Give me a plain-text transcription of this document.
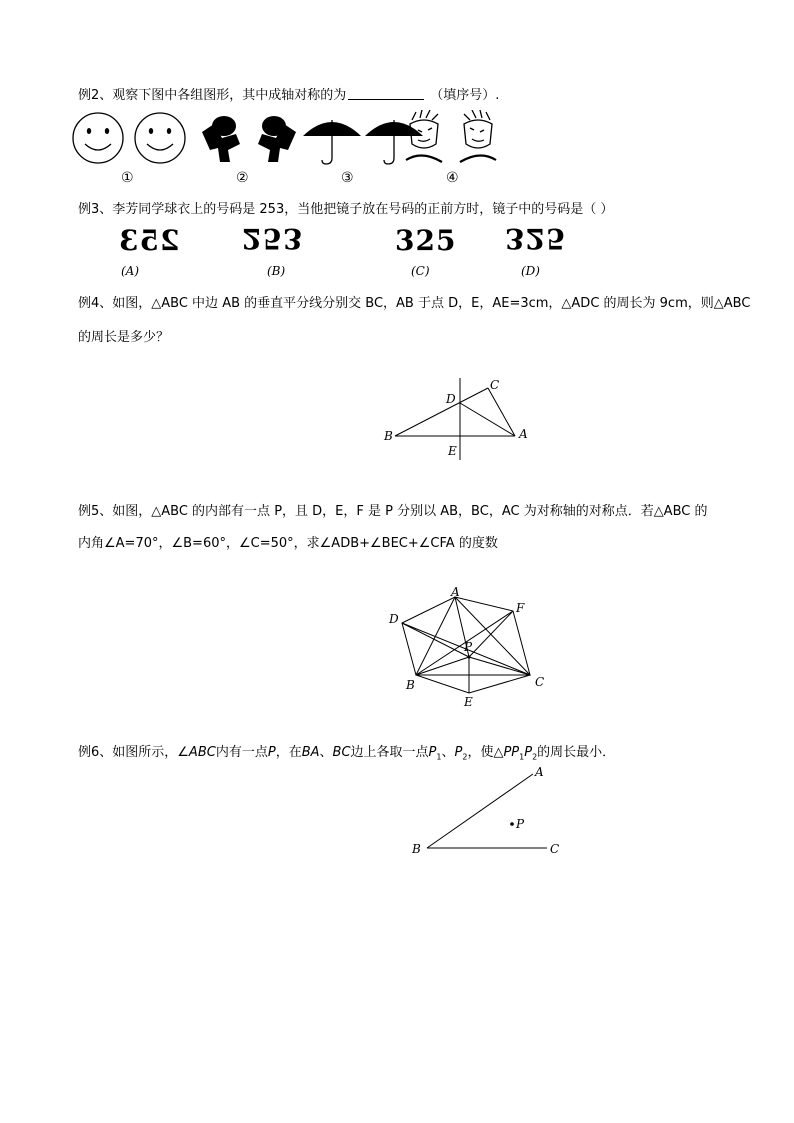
例2、观察下图中各组图形，其中成轴对称的为	（填序号）.
①	②	③	④
例3、李芳同学球衣上的号码是 253，当他把镜子放在号码的正前方时，镜子中的号码是（ ）
253 253	325 325
(A)	(B)	(C)	(D)
例4、如图，△ABC 中边 AB 的垂直平分线分别交 BC，AB 于点 D，E，AE=3cm，△ADC 的周长为 9cm，则△ABC
的周长是多少？
B	A
C
D
E
例5、如图，△ABC 的内部有一点 P，且 D，E，F 是 P 分别以 AB，BC，AC 为对称轴的对称点．若△ABC 的
内角∠A=70°，∠B=60°，∠C=50°，求∠ADB+∠BEC+∠CFA 的度数
A
D
F
P
B	C
E
例6、如图所示，∠ABC内有一点P，在BA、BC边上各取一点$P_1$、$P_2$，使$\triangle PP_1P_2$的周长最小．
A
B	C
P
